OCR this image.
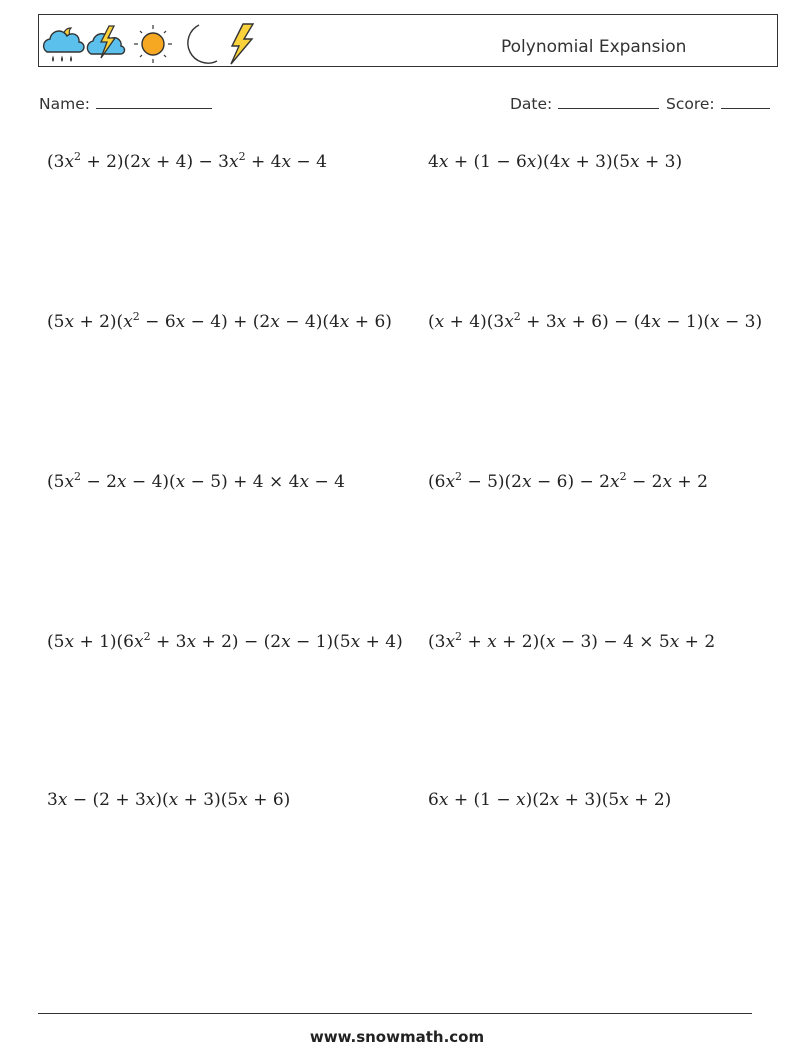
Polynomial Expansion
Name:	Date:	Score:
$(3x^2 + 2)(2x + 4) - 3x^2 + 4x - 4$	4x + (1 − 6x)(4x + 3)(5x + 3)
$(5x + 2)(x^2 - 6x - 4) + (2x - 4)(4x + 6)$ $(x + 4)(3x^2 + 3x + 6) - (4x - 1)(x - 3)$
$(5x^2 - 2x - 4)(x - 5) + 4 \times 4x - 4$	$(6x^2 - 5)(2x - 6) - 2x^2 - 2x + 2$
$(5x + 1)(6x^2 + 3x + 2) - (2x - 1)(5x + 4)$ $(3x^2 + x + 2)(x - 3) - 4 \times 5x + 2$
3x − (2 + 3x)(x + 3)(5x + 6)	6x + (1 − x)(2x + 3)(5x + 2)
www.snowmath.com
